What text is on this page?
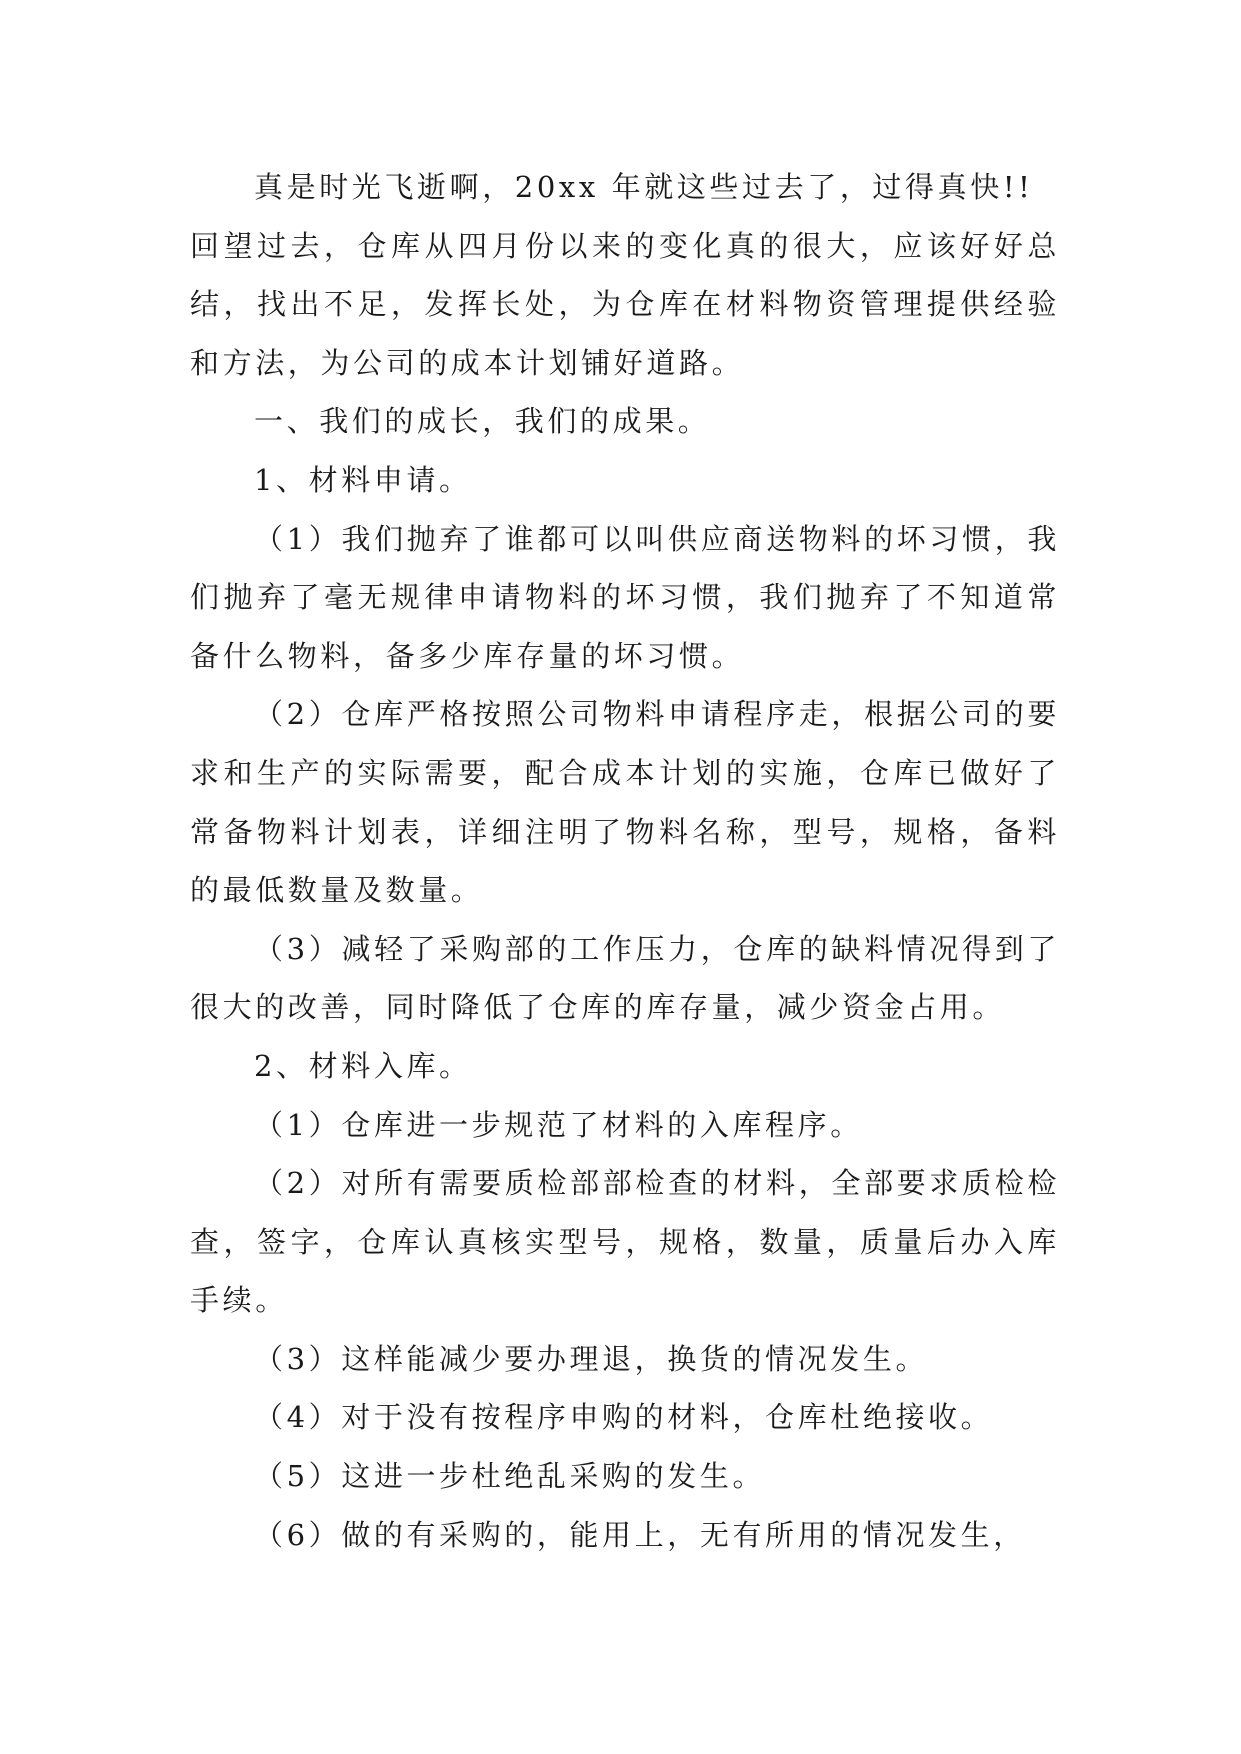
真是时光飞逝啊，20xx 年就这些过去了，过得真快!!

回望过去，仓库从四月份以来的变化真的很大，应该好好总结，找出不足，发挥长处，为仓库在材料物资管理提供经验和方法，为公司的成本计划铺好道路。

一、我们的成长，我们的成果。

1、材料申请。

（1）我们抛弃了谁都可以叫供应商送物料的坏习惯，我们抛弃了毫无规律申请物料的坏习惯，我们抛弃了不知道常备什么物料，备多少库存量的坏习惯。

（2）仓库严格按照公司物料申请程序走，根据公司的要求和生产的实际需要，配合成本计划的实施，仓库已做好了常备物料计划表，详细注明了物料名称，型号，规格，备料的最低数量及数量。

（3）减轻了采购部的工作压力，仓库的缺料情况得到了很大的改善，同时降低了仓库的库存量，减少资金占用。

2、材料入库。

（1）仓库进一步规范了材料的入库程序。

（2）对所有需要质检部部检查的材料，全部要求质检检查，签字，仓库认真核实型号，规格，数量，质量后办入库手续。

（3）这样能减少要办理退，换货的情况发生。

（4）对于没有按程序申购的材料，仓库杜绝接收。

（5）这进一步杜绝乱采购的发生。

（6）做的有采购的，能用上，无有所用的情况发生，
